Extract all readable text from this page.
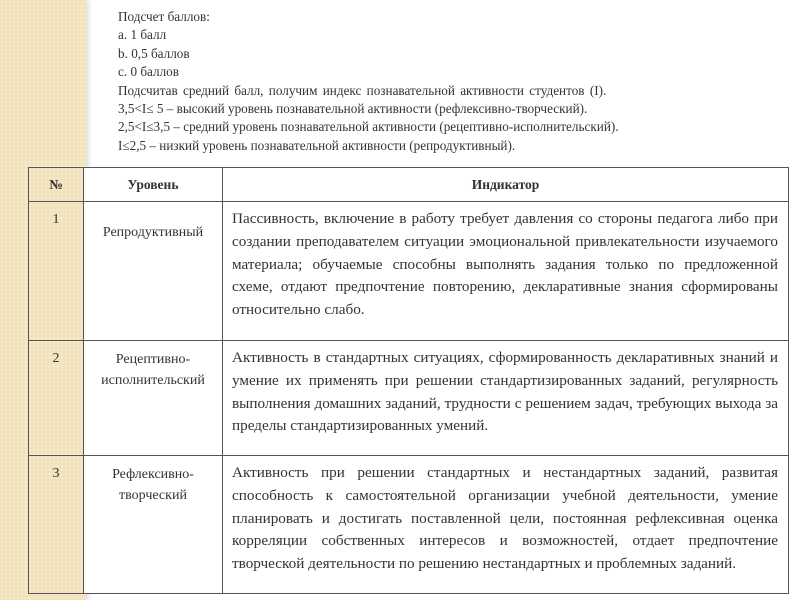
Подсчет баллов:
a. 1 балл
b. 0,5 баллов
c. 0 баллов
Подсчитав средний балл, получим индекс познавательной активности студентов (I).
3,5<I≤ 5 – высокий уровень познавательной активности (рефлексивно-творческий).
2,5<I≤3,5 – средний уровень познавательной активности (рецептивно-исполнительский).
I≤2,5 – низкий уровень познавательной активности (репродуктивный).
№	Уровень	Индикатор
1	Репродуктивный	Пассивность, включение в работу требует давления со стороны педагога либо при создании преподавателем ситуации эмоциональной привлекательности изучаемого материала; обучаемые способны выполнять задания только по предложенной схеме, отдают предпочтение повторению, декларативные знания сформированы относительно слабо.
2	Рецептивно-исполнительский	Активность в стандартных ситуациях, сформированность декларативных знаний и умение их применять при решении стандартизированных заданий, регулярность выполнения домашних заданий, трудности с решением задач, требующих выхода за пределы стандартизированных умений.
3	Рефлексивно-творческий	Активность при решении стандартных и нестандартных заданий, развитая способность к самостоятельной организации учебной деятельности, умение планировать и достигать поставленной цели, постоянная рефлексивная оценка корреляции собственных интересов и возможностей, отдает предпочтение творческой деятельности по решению нестандартных и проблемных заданий.
